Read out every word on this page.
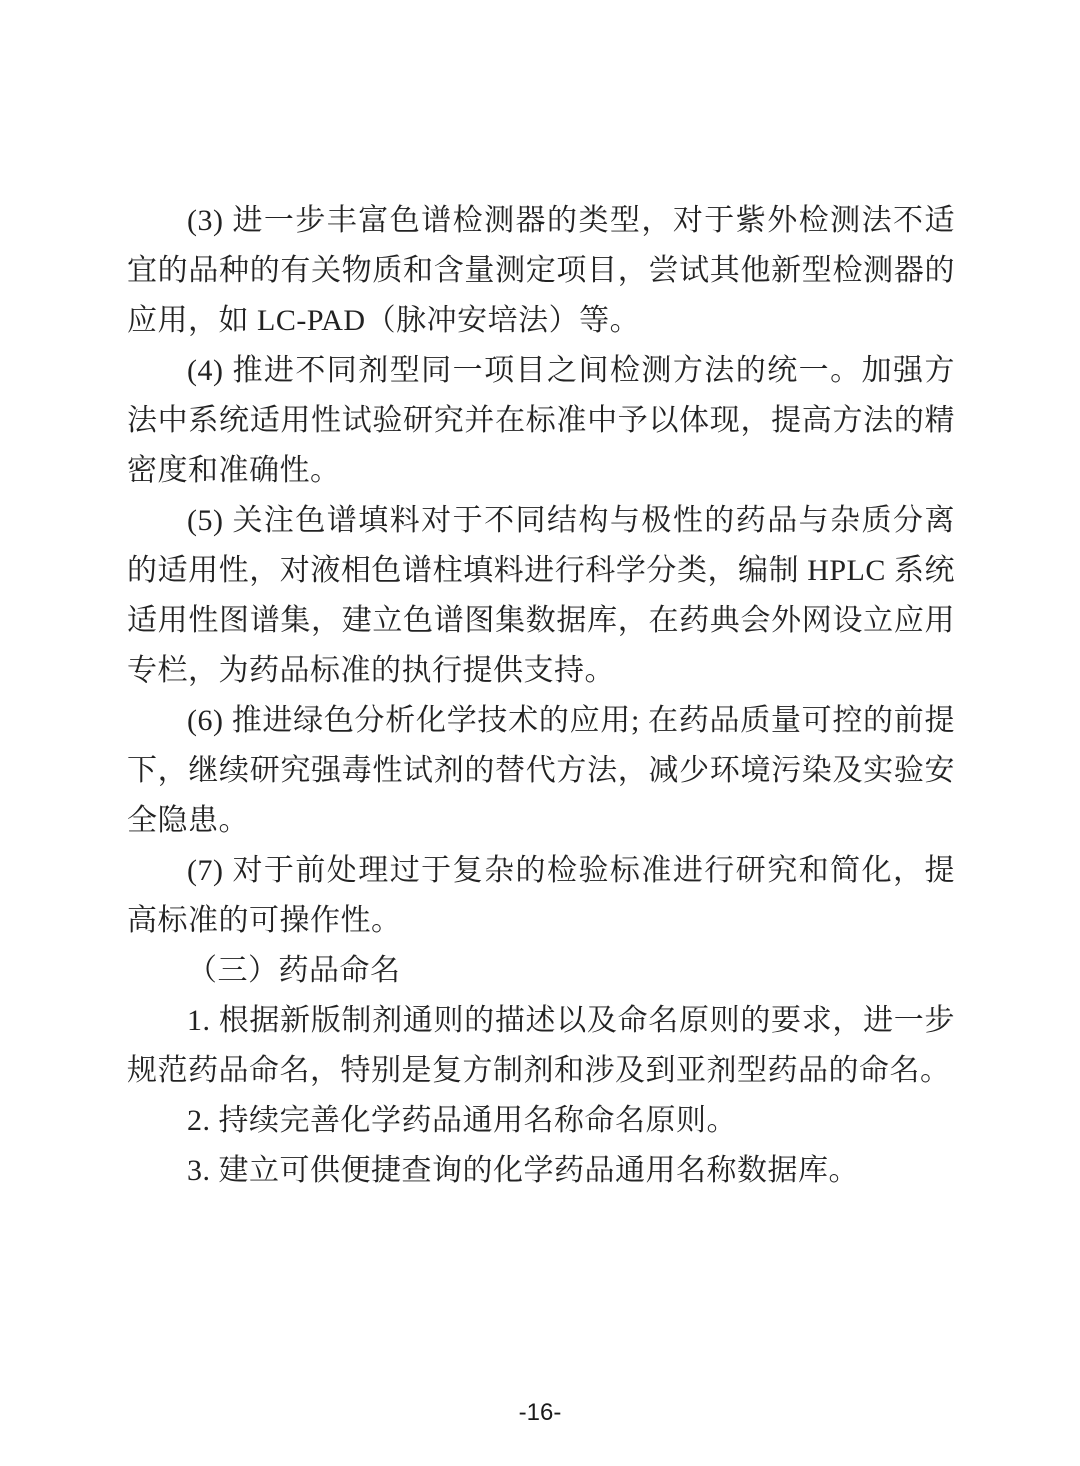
(3) 进一步丰富色谱检测器的类型，对于紫外检测法不适宜的品种的有关物质和含量测定项目，尝试其他新型检测器的应用，如 LC-PAD（脉冲安培法）等。

(4) 推进不同剂型同一项目之间检测方法的统一。加强方法中系统适用性试验研究并在标准中予以体现，提高方法的精密度和准确性。

(5) 关注色谱填料对于不同结构与极性的药品与杂质分离的适用性，对液相色谱柱填料进行科学分类，编制 HPLC 系统适用性图谱集，建立色谱图集数据库，在药典会外网设立应用专栏，为药品标准的执行提供支持。

(6) 推进绿色分析化学技术的应用; 在药品质量可控的前提下，继续研究强毒性试剂的替代方法，减少环境污染及实验安全隐患。

(7) 对于前处理过于复杂的检验标准进行研究和简化，提高标准的可操作性。

（三）药品命名

1. 根据新版制剂通则的描述以及命名原则的要求，进一步规范药品命名，特别是复方制剂和涉及到亚剂型药品的命名。

2. 持续完善化学药品通用名称命名原则。

3. 建立可供便捷查询的化学药品通用名称数据库。

-16-
